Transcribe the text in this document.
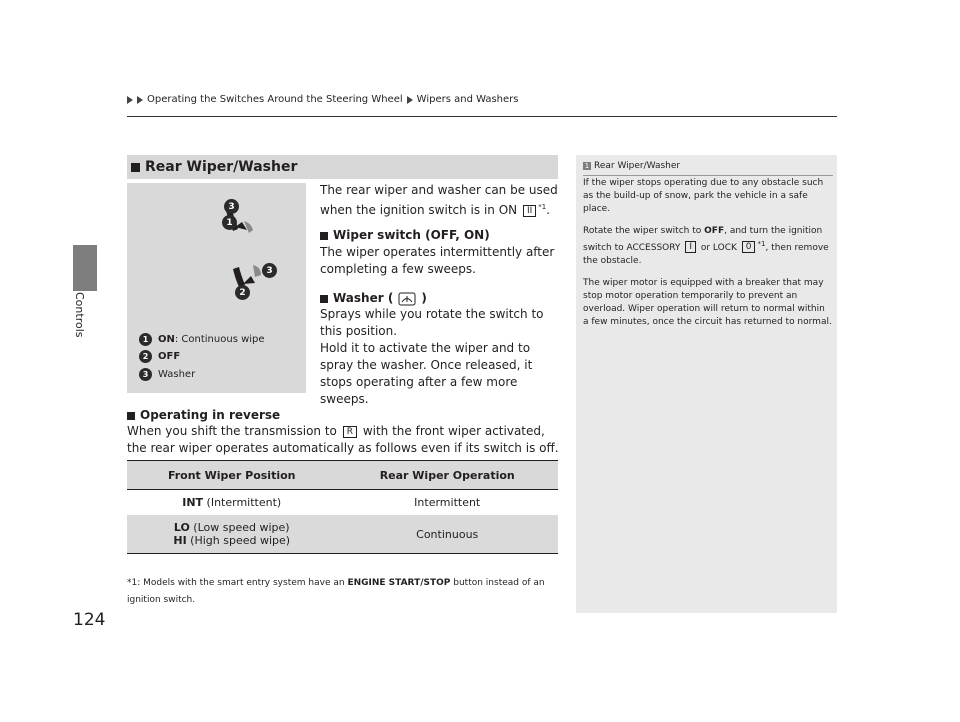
Operating the Switches Around the Steering Wheel Wipers and Washers
Controls
124
Rear Wiper/Washer
3
1
3
2
1 ON: Continuous wipe
2 OFF
3 Washer
The rear wiper and washer can be used when the ignition switch is in ON II $^{*1}$.
Wiper switch (OFF, ON)
The wiper operates intermittently after completing a few sweeps.
Washer ( )
Sprays while you rotate the switch to this position.
Hold it to activate the wiper and to spray the washer. Once released, it stops operating after a few more sweeps.
Operating in reverse
When you shift the transmission to R with the front wiper activated, the rear wiper operates automatically as follows even if its switch is off.
Front Wiper Position	Rear Wiper Operation
INT (Intermittent)	Intermittent

LO (Low speed wipe)
HI (High speed wipe)	Continuous
*1: Models with the smart entry system have an ENGINE START/STOP button instead of an ignition switch.
1 Rear Wiper/Washer

If the wiper stops operating due to any obstacle such as the build-up of snow, park the vehicle in a safe place.

Rotate the wiper switch to OFF, and turn the ignition switch to ACCESSORY I or LOCK 0 $^{*1}$, then remove the obstacle.

The wiper motor is equipped with a breaker that may stop motor operation temporarily to prevent an overload. Wiper operation will return to normal within a few minutes, once the circuit has returned to normal.
